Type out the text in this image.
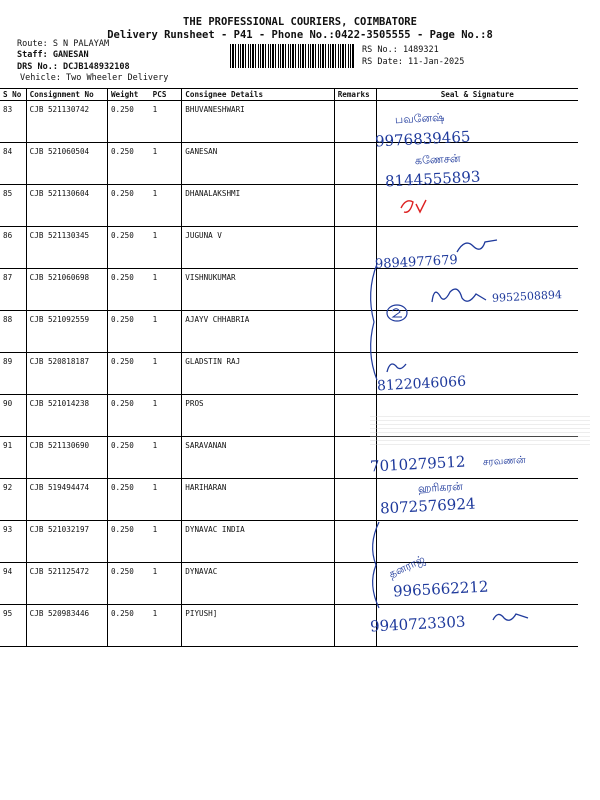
THE PROFESSIONAL COURIERS, COIMBATORE
Delivery Runsheet - P41 - Phone No.:0422-3505555 - Page No.:8
Route: S N PALAYAM
Staff: GANESAN
DRS No.: DCJB148932108
Vehicle: Two Wheeler Delivery
RS No.: 1489321
RS Date: 11-Jan-2025
S No	Consignment No	Weight	PCS	Consignee Details	Remarks	Seal & Signature
83	CJB 521130742	0.250	1	BHUVANESHWARI		
84	CJB 521060504	0.250	1	GANESAN		
85	CJB 521130604	0.250	1	DHANALAKSHMI		
86	CJB 521130345	0.250	1	JUGUNA V		
87	CJB 521060698	0.250	1	VISHNUKUMAR		
88	CJB 521092559	0.250	1	AJAYV CHHABRIA		
89	CJB 520818187	0.250	1	GLADSTIN RAJ		
90	CJB 521014238	0.250	1	PROS		
91	CJB 521130690	0.250	1	SARAVANAN		
92	CJB 519494474	0.250	1	HARIHARAN		
93	CJB 521032197	0.250	1	DYNAVAC INDIA		
94	CJB 521125472	0.250	1	DYNAVAC		
95	CJB 520983446	0.250	1	PIYUSH]		
பவனேஷ்
9976839465
கணேசன்
8144555893
9894977679
9952508894
8122046066
7010279512 சரவணன்
ஹரிகரன்
8072576924
தனராஜ்
9965662212
9940723303
